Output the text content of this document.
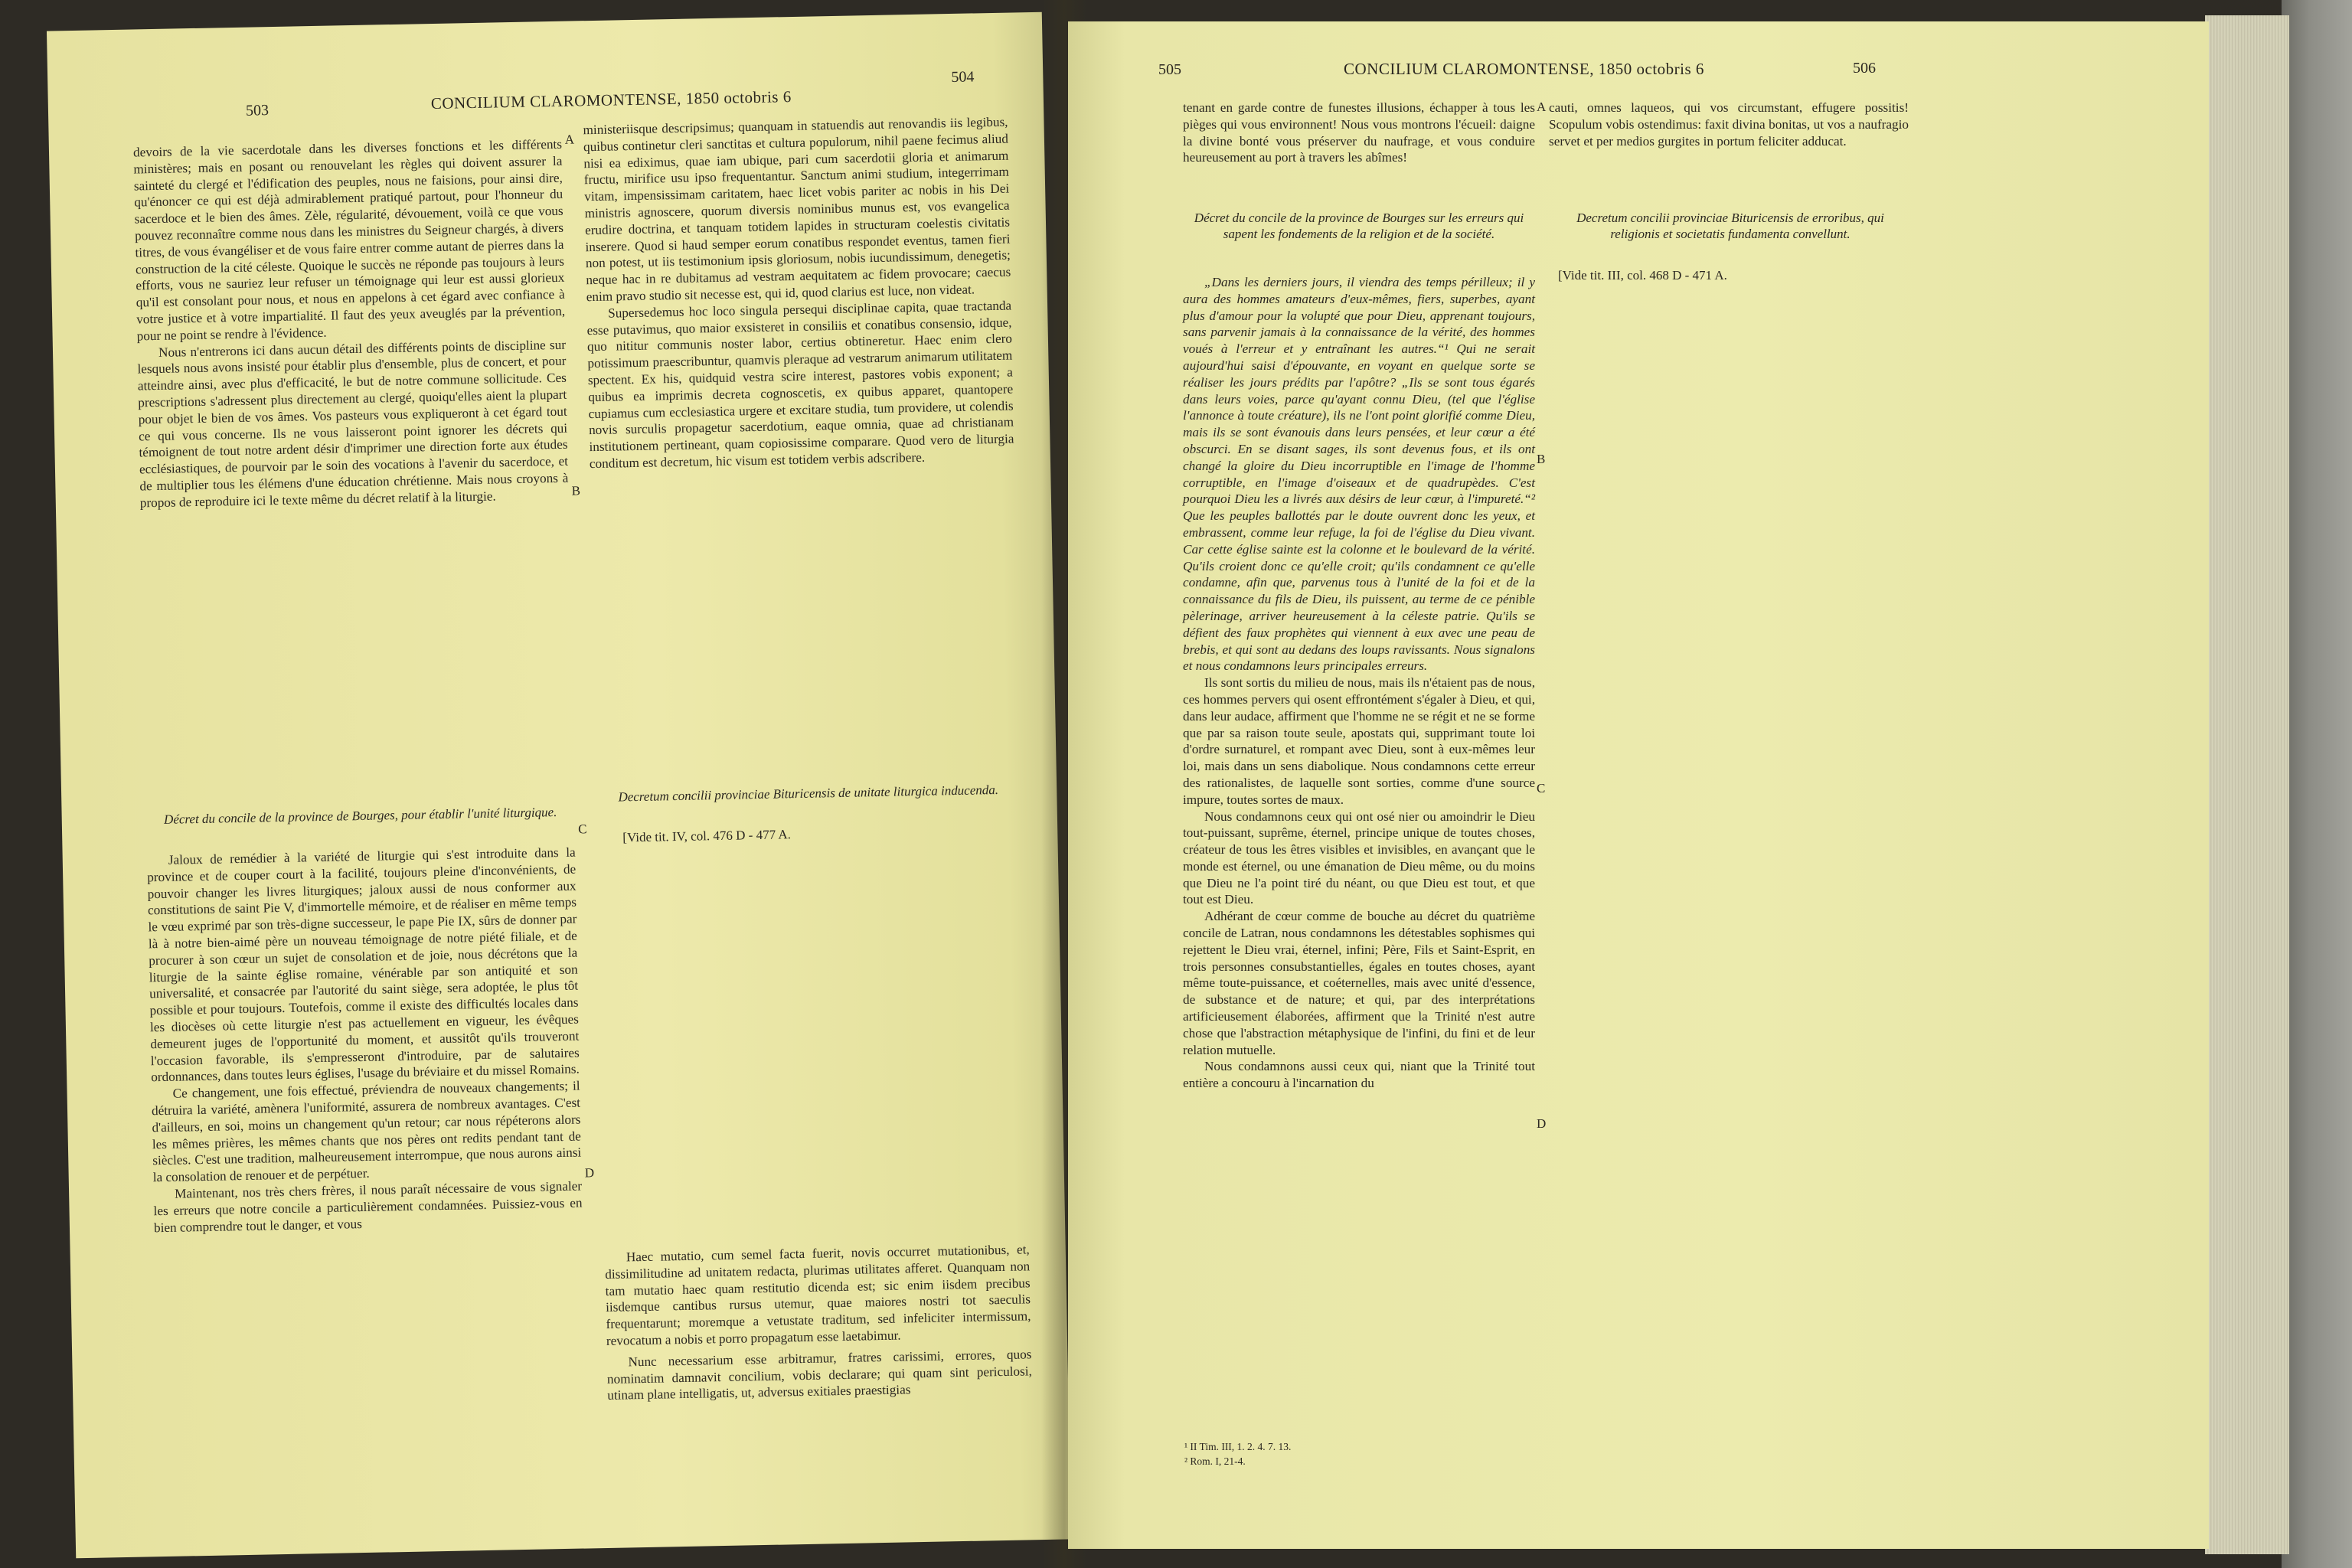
503	CONCILIUM CLAROMONTENSE, 1850 octobris 6
504

devoirs de la vie sacerdotale dans les diverses fonctions et les différents ministères; mais en posant ou renouvelant les règles qui doivent assurer la sainteté du clergé et l'édification des peuples, nous ne faisions, pour ainsi dire, qu'énoncer ce qui est déjà admirablement pratiqué partout, pour l'honneur du sacerdoce et le bien des âmes. Zèle, régularité, dévouement, voilà ce que vous pouvez reconnaître comme nous dans les ministres du Seigneur chargés, à divers titres, de vous évangéliser et de vous faire entrer comme autant de pierres dans la construction de la cité céleste. Quoique le succès ne réponde pas toujours à leurs efforts, vous ne sauriez leur refuser un témoignage qui leur est aussi glorieux qu'il est consolant pour nous, et nous en appelons à cet égard avec confiance à votre justice et à votre impartialité. Il faut des yeux aveuglés par la prévention, pour ne point se rendre à l'évidence.

Nous n'entrerons ici dans aucun détail des différents points de discipline sur lesquels nous avons insisté pour établir plus d'ensemble, plus de concert, et pour atteindre ainsi, avec plus d'efficacité, le but de notre commune sollicitude. Ces prescriptions s'adressent plus directement au clergé, quoiqu'elles aient la plupart pour objet le bien de vos âmes. Vos pasteurs vous expliqueront à cet égard tout ce qui vous concerne. Ils ne vous laisseront point ignorer les décrets qui témoignent de tout notre ardent désir d'imprimer une direction forte aux études ecclésiastiques, de pourvoir par le soin des vocations à l'avenir du sacerdoce, et de multiplier tous les élémens d'une éducation chrétienne. Mais nous croyons à propos de reproduire ici le texte même du décret relatif à la liturgie.

A
B

ministeriisque descripsimus; quanquam in statuendis aut renovandis iis legibus, quibus continetur cleri sanctitas et cultura populorum, nihil paene fecimus aliud nisi ea ediximus, quae iam ubique, pari cum sacerdotii gloria et animarum fructu, mirifice usu ipso frequentantur. Sanctum animi studium, integerrimam vitam, impensissimam caritatem, haec licet vobis pariter ac nobis in his Dei ministris agnoscere, quorum diversis nominibus munus est, vos evangelica erudire doctrina, et tanquam totidem lapides in structuram coelestis civitatis inserere. Quod si haud semper eorum conatibus respondet eventus, tamen fieri non potest, ut iis testimonium ipsis gloriosum, nobis iucundissimum, denegetis; neque hac in re dubitamus ad vestram aequitatem ac fidem provocare; caecus enim pravo studio sit necesse est, qui id, quod clarius est luce, non videat.

Supersedemus hoc loco singula persequi disciplinae capita, quae tractanda esse putavimus, quo maior exsisteret in consiliis et conatibus consensio, idque, quo nititur communis noster labor, certius obtineretur. Haec enim clero potissimum praescribuntur, quamvis pleraque ad vestrarum animarum utilitatem spectent. Ex his, quidquid vestra scire interest, pastores vobis exponent; a quibus ea imprimis decreta cognoscetis, ex quibus apparet, quantopere cupiamus cum ecclesiastica urgere et excitare studia, tum providere, ut colendis novis surculis propagetur sacerdotium, eaque omnia, quae ad christianam institutionem pertineant, quam copiosissime comparare. Quod vero de liturgia conditum est decretum, hic visum est totidem verbis adscribere.

Décret du concile de la province de Bourges, pour établir l'unité liturgique.
C
Decretum concilii provinciae Bituricensis de unitate liturgica inducenda.
[Vide tit. IV, col. 476 D - 477 A.

Jaloux de remédier à la variété de liturgie qui s'est introduite dans la province et de couper court à la facilité, toujours pleine d'inconvénients, de pouvoir changer les livres liturgiques; jaloux aussi de nous conformer aux constitutions de saint Pie V, d'immortelle mémoire, et de réaliser en même temps le vœu exprimé par son très-digne successeur, le pape Pie IX, sûrs de donner par là à notre bien-aimé père un nouveau témoignage de notre piété filiale, et de procurer à son cœur un sujet de consolation et de joie, nous décrétons que la liturgie de la sainte église romaine, vénérable par son antiquité et son universalité, et consacrée par l'autorité du saint siège, sera adoptée, le plus tôt possible et pour toujours. Toutefois, comme il existe des difficultés locales dans les diocèses où cette liturgie n'est pas actuellement en vigueur, les évêques demeurent juges de l'opportunité du moment, et aussitôt qu'ils trouveront l'occasion favorable, ils s'empresseront d'introduire, par de salutaires ordonnances, dans toutes leurs églises, l'usage du bréviaire et du missel Romains.

Ce changement, une fois effectué, préviendra de nouveaux changements; il détruira la variété, amènera l'uniformité, assurera de nombreux avantages. C'est d'ailleurs, en soi, moins un changement qu'un retour; car nous répéterons alors les mêmes prières, les mêmes chants que nos pères ont redits pendant tant de siècles. C'est une tradition, malheureusement interrompue, que nous aurons ainsi la consolation de renouer et de perpétuer.

Maintenant, nos très chers frères, il nous paraît nécessaire de vous signaler les erreurs que notre concile a particulièrement condamnées. Puissiez-vous en bien comprendre tout le danger, et vous

D

Haec mutatio, cum semel facta fuerit, novis occurret mutationibus, et, dissimilitudine ad unitatem redacta, plurimas utilitates afferet. Quanquam non tam mutatio haec quam restitutio dicenda est; sic enim iisdem precibus iisdemque cantibus rursus utemur, quae maiores nostri tot saeculis frequentarunt; moremque a vetustate traditum, sed infeliciter intermissum, revocatum a nobis et porro propagatum esse laetabimur.

Nunc necessarium esse arbitramur, fratres carissimi, errores, quos nominatim damnavit concilium, vobis declarare; qui quam sint periculosi, utinam plane intelligatis, ut, adversus exitiales praestigias

505	CONCILIUM CLAROMONTENSE, 1850 octobris 6	506

tenant en garde contre de funestes illusions, échapper à tous les pièges qui vous environnent! Nous vous montrons l'écueil: daigne la divine bonté vous préserver du naufrage, et vous conduire heureusement au port à travers les abîmes!

cauti, omnes laqueos, qui vos circumstant, effugere possitis! Scopulum vobis ostendimus: faxit divina bonitas, ut vos a naufragio servet et per medios gurgites in portum feliciter adducat.

A
Décret du concile de la province de Bourges sur les erreurs qui sapent les fondements de la religion et de la société.
Decretum concilii provinciae Bituricensis de erroribus, qui religionis et societatis fundamenta convellunt.
[Vide tit. III, col. 468 D - 471 A.

„Dans les derniers jours, il viendra des temps périlleux; il y aura des hommes amateurs d'eux-mêmes, fiers, superbes, ayant plus d'amour pour la volupté que pour Dieu, apprenant toujours, sans parvenir jamais à la connaissance de la vérité, des hommes voués à l'erreur et y entraînant les autres.“¹ Qui ne serait aujourd'hui saisi d'épouvante, en voyant en quelque sorte se réaliser les jours prédits par l'apôtre? „Ils se sont tous égarés dans leurs voies, parce qu'ayant connu Dieu, (tel que l'église l'annonce à toute créature), ils ne l'ont point glorifié comme Dieu, mais ils se sont évanouis dans leurs pensées, et leur cœur a été obscurci. En se disant sages, ils sont devenus fous, et ils ont changé la gloire du Dieu incorruptible en l'image de l'homme corruptible, en l'image d'oiseaux et de quadrupèdes. C'est pourquoi Dieu les a livrés aux désirs de leur cœur, à l'impureté.“² Que les peuples ballottés par le doute ouvrent donc les yeux, et embrassent, comme leur refuge, la foi de l'église du Dieu vivant. Car cette église sainte est la colonne et le boulevard de la vérité. Qu'ils croient donc ce qu'elle croit; qu'ils condamnent ce qu'elle condamne, afin que, parvenus tous à l'unité de la foi et de la connaissance du fils de Dieu, ils puissent, au terme de ce pénible pèlerinage, arriver heureusement à la céleste patrie. Qu'ils se défient des faux prophètes qui viennent à eux avec une peau de brebis, et qui sont au dedans des loups ravissants. Nous signalons et nous condamnons leurs principales erreurs.

Ils sont sortis du milieu de nous, mais ils n'étaient pas de nous, ces hommes pervers qui osent effrontément s'égaler à Dieu, et qui, dans leur audace, affirment que l'homme ne se régit et ne se forme que par sa raison toute seule, apostats qui, supprimant toute loi d'ordre surnaturel, et rompant avec Dieu, sont à eux-mêmes leur loi, mais dans un sens diabolique. Nous condamnons cette erreur des rationalistes, de laquelle sont sorties, comme d'une source impure, toutes sortes de maux.

Nous condamnons ceux qui ont osé nier ou amoindrir le Dieu tout-puissant, suprême, éternel, principe unique de toutes choses, créateur de tous les êtres visibles et invisibles, en avançant que le monde est éternel, ou une émanation de Dieu même, ou du moins que Dieu ne l'a point tiré du néant, ou que Dieu est tout, et que tout est Dieu.

Adhérant de cœur comme de bouche au décret du quatrième concile de Latran, nous condamnons les détestables sophismes qui rejettent le Dieu vrai, éternel, infini; Père, Fils et Saint-Esprit, en trois personnes consubstantielles, égales en toutes choses, ayant même toute-puissance, et coéternelles, mais avec unité d'essence, de substance et de nature; et qui, par des interprétations artificieusement élaborées, affirment que la Trinité n'est autre chose que l'abstraction métaphysique de l'infini, du fini et de leur relation mutuelle.

Nous condamnons aussi ceux qui, niant que la Trinité tout entière a concouru à l'incarnation du

B
C
D
¹ II Tim. III, 1. 2. 4. 7. 13.
² Rom. I, 21-4.
